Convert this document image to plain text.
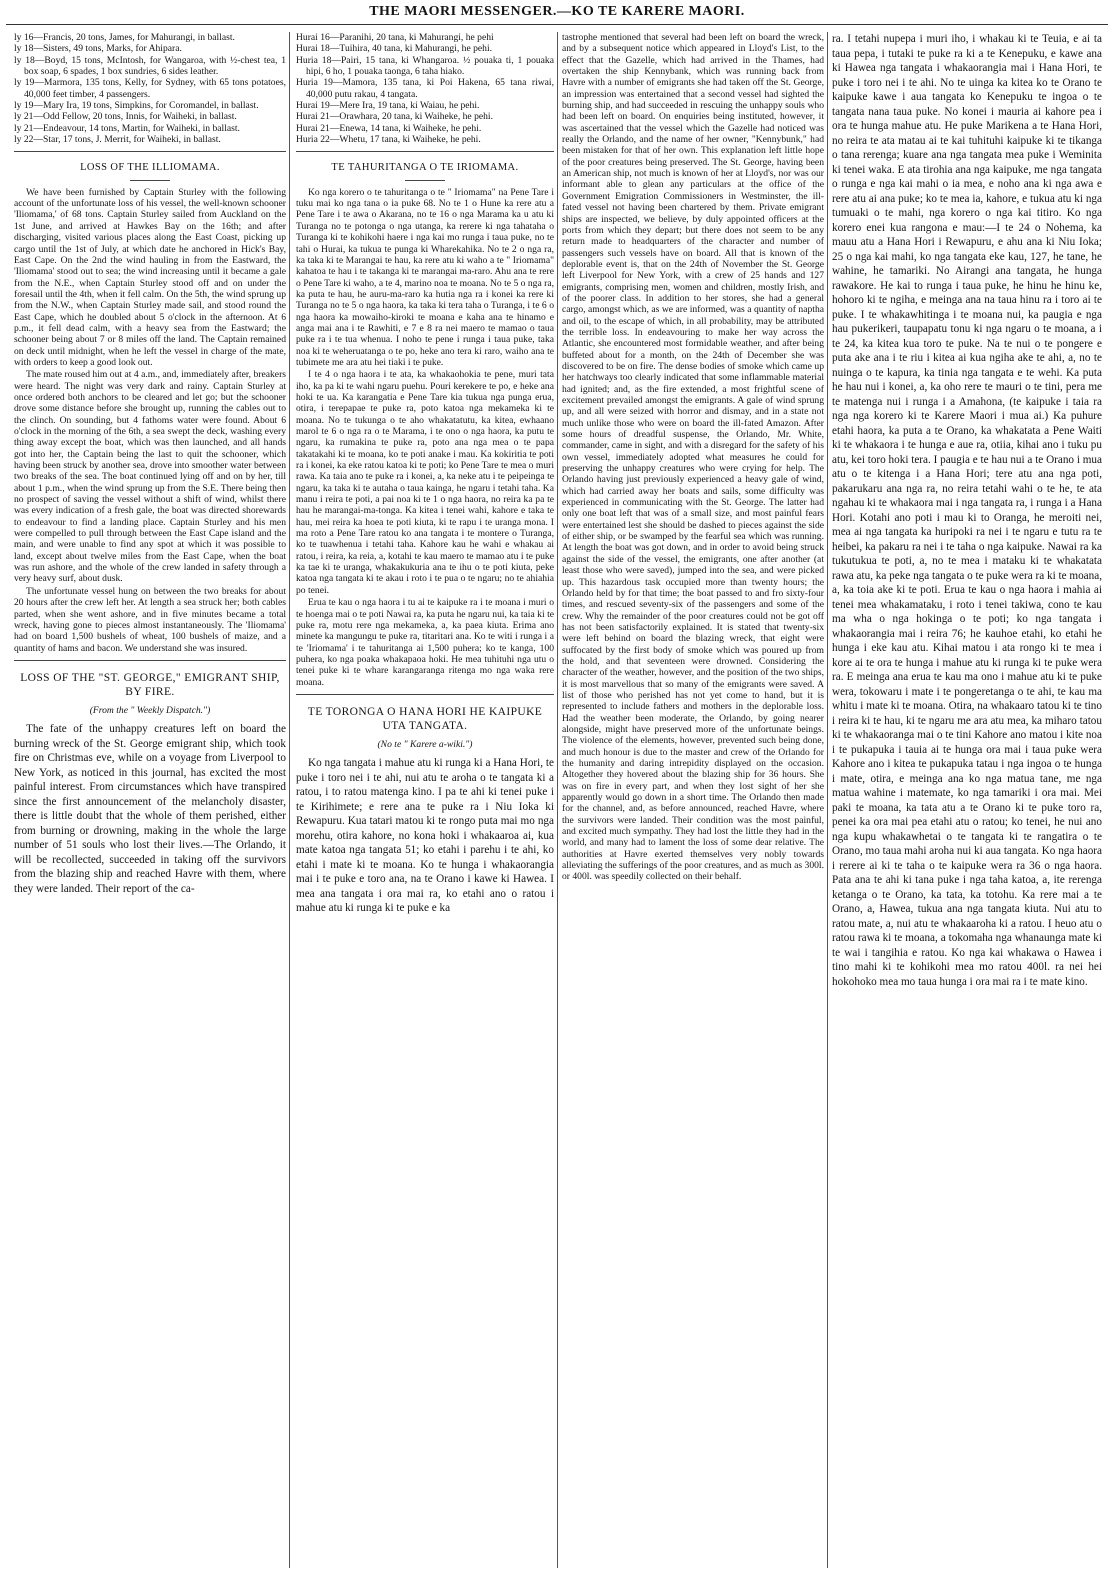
THE MAORI MESSENGER.—KO TE KARERE MAORI.

ly 16—Francis, 20 tons, James, for Mahurangi, in ballast.

ly 18—Sisters, 49 tons, Marks, for Ahipara.

ly 18—Boyd, 15 tons, McIntosh, for Wangaroa, with ½-chest tea, 1 box soap, 6 spades, 1 box sundries, 6 sides leather.

ly 19—Marmora, 135 tons, Kelly, for Sydney, with 65 tons potatoes, 40,000 feet timber, 4 passengers.

ly 19—Mary Ira, 19 tons, Simpkins, for Coromandel, in ballast.

ly 21—Odd Fellow, 20 tons, Innis, for Waiheki, in ballast.

ly 21—Endeavour, 14 tons, Martin, for Waiheki, in ballast.

ly 22—Star, 17 tons, J. Merrit, for Waiheki, in ballast.

LOSS OF THE ILLIOMAMA.

We have been furnished by Captain Sturley with the following account of the unfortunate loss of his vessel, the well-known schooner 'Iliomama,' of 68 tons. Captain Sturley sailed from Auckland on the 1st June, and arrived at Hawkes Bay on the 16th; and after discharging, visited various places along the East Coast, picking up cargo until the 1st of July, at which date he anchored in Hick's Bay, East Cape. On the 2nd the wind hauling in from the Eastward, the 'Iliomama' stood out to sea; the wind increasing until it became a gale from the N.E., when Captain Sturley stood off and on under the foresail until the 4th, when it fell calm. On the 5th, the wind sprung up from the N.W., when Captain Sturley made sail, and stood round the East Cape, which he doubled about 5 o'clock in the afternoon. At 6 p.m., it fell dead calm, with a heavy sea from the Eastward; the schooner being about 7 or 8 miles off the land. The Captain remained on deck until midnight, when he left the vessel in charge of the mate, with orders to keep a good look out.

The mate roused him out at 4 a.m., and, immediately after, breakers were heard. The night was very dark and rainy. Captain Sturley at once ordered both anchors to be cleared and let go; but the schooner drove some distance before she brought up, running the cables out to the clinch. On sounding, but 4 fathoms water were found. About 6 o'clock in the morning of the 6th, a sea swept the deck, washing every thing away except the boat, which was then launched, and all hands got into her, the Captain being the last to quit the schooner, which having been struck by another sea, drove into smoother water between two breaks of the sea. The boat continued lying off and on by her, till about 1 p.m., when the wind sprung up from the S.E. There being then no prospect of saving the vessel without a shift of wind, whilst there was every indication of a fresh gale, the boat was directed shorewards to endeavour to find a landing place. Captain Sturley and his men were compelled to pull through between the East Cape island and the main, and were unable to find any spot at which it was possible to land, except about twelve miles from the East Cape, when the boat was run ashore, and the whole of the crew landed in safety through a very heavy surf, about dusk.

The unfortunate vessel hung on between the two breaks for about 20 hours after the crew left her. At length a sea struck her; both cables parted, when she went ashore, and in five minutes became a total wreck, having gone to pieces almost instantaneously. The 'Iliomama' had on board 1,500 bushels of wheat, 100 bushels of maize, and a quantity of hams and bacon. We understand she was insured.

LOSS OF THE "ST. GEORGE," EMIGRANT SHIP, BY FIRE.

(From the " Weekly Dispatch.")

The fate of the unhappy creatures left on board the burning wreck of the St. George emigrant ship, which took fire on Christmas eve, while on a voyage from Liverpool to New York, as noticed in this journal, has excited the most painful interest. From circumstances which have transpired since the first announcement of the melancholy disaster, there is little doubt that the whole of them perished, either from burning or drowning, making in the whole the large number of 51 souls who lost their lives.—The Orlando, it will be recollected, succeeded in taking off the survivors from the blazing ship and reached Havre with them, where they were landed. Their report of the ca-

Hurai 16—Paranihi, 20 tana, ki Mahurangi, he pehi

Hurai 18—Tuihira, 40 tana, ki Mahurangi, he pehi.

Huria 18—Pairi, 15 tana, ki Whangaroa. ½ pouaka ti, 1 pouaka hipi, 6 ho, 1 pouaka taonga, 6 taha hiako.

Huria 19—Mamora, 135 tana, ki Poi Hakena, 65 tana riwai, 40,000 putu rakau, 4 tangata.

Hurai 19—Mere Ira, 19 tana, ki Waiau, he pehi.

Hurai 21—Orawhara, 20 tana, ki Waiheke, he pehi.

Hurai 21—Enewa, 14 tana, ki Waiheke, he pehi.

Huria 22—Whetu, 17 tana, ki Waiheke, he pehi.

TE TAHURITANGA O TE IRIOMAMA.

Ko nga korero o te tahuritanga o te " Iriomama" na Pene Tare i tuku mai ko nga tana o ia puke 68. No te 1 o Hune ka rere atu a Pene Tare i te awa o Akarana, no te 16 o nga Marama ka u atu ki Turanga no te potonga o nga utanga, ka rerere ki nga tahataha o Turanga ki te kohikohi haere i nga kai mo runga i taua puke, no te tahi o Hurai, ka tukua te punga ki Wharekahika. No te 2 o nga ra, ka taka ki te Marangai te hau, ka rere atu ki waho a te " Iriomama" kahatoa te hau i te takanga ki te marangai ma-raro. Ahu ana te rere o Pene Tare ki waho, a te 4, marino noa te moana. No te 5 o nga ra, ka puta te hau, he auru-ma-raro ka hutia nga ra i konei ka rere ki Turanga no te 5 o nga haora, ka taka ki tera taha o Turanga, i te 6 o nga haora ka mowaiho-kiroki te moana e kaha ana te hinamo e anga mai ana i te Rawhiti, e 7 e 8 ra nei maero te mamao o taua puke ra i te tua whenua. I noho te pene i runga i taua puke, taka noa ki te weheruatanga o te po, heke ano tera ki raro, waiho ana te tubimete me ara atu hei tiaki i te puke.

I te 4 o nga haora i te ata, ka whakaohokia te pene, muri tata iho, ka pa ki te wahi ngaru puehu. Pouri kerekere te po, e heke ana hoki te ua. Ka karangatia e Pene Tare kia tukua nga punga erua, otira, i terepapae te puke ra, poto katoa nga mekameka ki te moana. No te tukunga o te aho whakatatutu, ka kitea, ewhaano marol te 6 o nga ra o te Marama, i te ono o nga haora, ka putu te ngaru, ka rumakina te puke ra, poto ana nga mea o te papa takatakahi ki te moana, ko te poti anake i mau. Ka kokiritia te poti ra i konei, ka eke ratou katoa ki te poti; ko Pene Tare te mea o muri rawa. Ka taia ano te puke ra i konei, a, ka neke atu i te peipeinga te ngaru, ka taka ki te autaha o taua kainga, he ngaru i tetahi taha. Ka manu i reira te poti, a pai noa ki te 1 o nga haora, no reira ka pa te hau he marangai-ma-tonga. Ka kitea i tenei wahi, kahore e taka te hau, mei reira ka hoea te poti kiuta, ki te rapu i te uranga mona. I ma roto a Pene Tare ratou ko ana tangata i te montere o Turanga, ko te tuawhenua i tetahi taha. Kahore kau he wahi e whakau ai ratou, i reira, ka reia, a, kotahi te kau maero te mamao atu i te puke ka tae ki te uranga, whakakukuria ana te ihu o te poti kiuta, peke katoa nga tangata ki te akau i roto i te pua o te ngaru; no te ahiahia po tenei.

Erua te kau o nga haora i tu ai te kaipuke ra i te moana i muri o te hoenga mai o te poti Nawai ra, ka puta he ngaru nui, ka taia ki te puke ra, motu rere nga mekameka, a, ka paea kiuta. Erima ano minete ka mangungu te puke ra, titaritari ana. Ko te witi i runga i a te 'Iriomama' i te tahuritanga ai 1,500 puhera; ko te kanga, 100 puhera, ko nga poaka whakapaoa hoki. He mea tuhituhi nga utu o tenei puke ki te whare karangaranga ritenga mo nga waka rere moana.

TE TORONGA O HANA HORI HE KAIPUKE UTA TANGATA.

(No te " Karere a-wiki.")

Ko nga tangata i mahue atu ki runga ki a Hana Hori, te puke i toro nei i te ahi, nui atu te aroha o te tangata ki a ratou, i to ratou matenga kino. I pa te ahi ki tenei puke i te Kirihimete; e rere ana te puke ra i Niu Ioka ki Rewapuru. Kua tatari matou ki te rongo puta mai mo nga morehu, otira kahore, no kona hoki i whakaaroa ai, kua mate katoa nga tangata 51; ko etahi i parehu i te ahi, ko etahi i mate ki te moana. Ko te hunga i whakaorangia mai i te puke e toro ana, na te Orano i kawe ki Hawea. I mea ana tangata i ora mai ra, ko etahi ano o ratou i mahue atu ki runga ki te puke e ka

tastrophe mentioned that several had been left on board the wreck, and by a subsequent notice which appeared in Lloyd's List, to the effect that the Gazelle, which had arrived in the Thames, had overtaken the ship Kennybank, which was running back from Havre with a number of emigrants she had taken off the St. George, an impression was entertained that a second vessel had sighted the burning ship, and had succeeded in rescuing the unhappy souls who had been left on board. On enquiries being instituted, however, it was ascertained that the vessel which the Gazelle had noticed was really the Orlando, and the name of her owner, "Kennybunk," had been mistaken for that of her own. This explanation left little hope of the poor creatures being preserved. The St. George, having been an American ship, not much is known of her at Lloyd's, nor was our informant able to glean any particulars at the office of the Government Emigration Commissioners in Westminster, the ill-fated vessel not having been chartered by them. Private emigrant ships are inspected, we believe, by duly appointed officers at the ports from which they depart; but there does not seem to be any return made to headquarters of the character and number of passengers such vessels have on board. All that is known of the deplorable event is, that on the 24th of November the St. George left Liverpool for New York, with a crew of 25 hands and 127 emigrants, comprising men, women and children, mostly Irish, and of the poorer class. In addition to her stores, she had a general cargo, amongst which, as we are informed, was a quantity of naptha and oil, to the escape of which, in all probability, may be attributed the terrible loss. In endeavouring to make her way across the Atlantic, she encountered most formidable weather, and after being buffeted about for a month, on the 24th of December she was discovered to be on fire. The dense bodies of smoke which came up her hatchways too clearly indicated that some inflammable material had ignited; and, as the fire extended, a most frightful scene of excitement prevailed amongst the emigrants. A gale of wind sprung up, and all were seized with horror and dismay, and in a state not much unlike those who were on board the ill-fated Amazon. After some hours of dreadful suspense, the Orlando, Mr. White, commander, came in sight, and with a disregard for the safety of his own vessel, immediately adopted what measures he could for preserving the unhappy creatures who were crying for help. The Orlando having just previously experienced a heavy gale of wind, which had carried away her boats and sails, some difficulty was experienced in communicating with the St. George. The latter had only one boat left that was of a small size, and most painful fears were entertained lest she should be dashed to pieces against the side of either ship, or be swamped by the fearful sea which was running. At length the boat was got down, and in order to avoid being struck against the side of the vessel, the emigrants, one after another (at least those who were saved), jumped into the sea, and were picked up. This hazardous task occupied more than twenty hours; the Orlando held by for that time; the boat passed to and fro sixty-four times, and rescued seventy-six of the passengers and some of the crew. Why the remainder of the poor creatures could not be got off has not been satisfactorily explained. It is stated that twenty-six were left behind on board the blazing wreck, that eight were suffocated by the first body of smoke which was poured up from the hold, and that seventeen were drowned. Considering the character of the weather, however, and the position of the two ships, it is most marvellous that so many of the emigrants were saved. A list of those who perished has not yet come to hand, but it is represented to include fathers and mothers in the deplorable loss. Had the weather been moderate, the Orlando, by going nearer alongside, might have preserved more of the unfortunate beings. The violence of the elements, however, prevented such being done, and much honour is due to the master and crew of the Orlando for the humanity and daring intrepidity displayed on the occasion. Altogether they hovered about the blazing ship for 36 hours. She was on fire in every part, and when they lost sight of her she apparently would go down in a short time. The Orlando then made for the channel, and, as before announced, reached Havre, where the survivors were landed. Their condition was the most painful, and excited much sympathy. They had lost the little they had in the world, and many had to lament the loss of some dear relative. The authorities at Havre exerted themselves very nobly towards alleviating the sufferings of the poor creatures, and as much as 300l. or 400l. was speedily collected on their behalf.

ra. I tetahi nupepa i muri iho, i whakau ki te Teuia, e ai ta taua pepa, i tutaki te puke ra ki a te Kenepuku, e kawe ana ki Hawea nga tangata i whakaorangia mai i Hana Hori, te puke i toro nei i te ahi. No te uinga ka kitea ko te Orano te kaipuke kawe i aua tangata ko Kenepuku te ingoa o te tangata nana taua puke. No konei i mauria ai kahore pea i ora te hunga mahue atu. He puke Marikena a te Hana Hori, no reira te ata matau ai te kai tuhituhi kaipuke ki te tikanga o tana rerenga; kuare ana nga tangata mea puke i Weminita ki tenei waka. E ata tirohia ana nga kaipuke, me nga tangata o runga e nga kai mahi o ia mea, e noho ana ki nga awa e rere atu ai ana puke; ko te mea ia, kahore, e tukua atu ki nga tumuaki o te mahi, nga korero o nga kai titiro. Ko nga korero enei kua rangona e mau:—I te 24 o Nohema, ka mauu atu a Hana Hori i Rewapuru, e ahu ana ki Niu Ioka; 25 o nga kai mahi, ko nga tangata eke kau, 127, he tane, he wahine, he tamariki. No Airangi ana tangata, he hunga rawakore. He kai to runga i taua puke, he hinu he hinu ke, hohoro ki te ngiha, e meinga ana na taua hinu ra i toro ai te puke. I te whakawhitinga i te moana nui, ka paugia e nga hau pukerikeri, taupapatu tonu ki nga ngaru o te moana, a i te 24, ka kitea kua toro te puke. Na te nui o te pongere e puta ake ana i te riu i kitea ai kua ngiha ake te ahi, a, no te nuinga o te kapura, ka tinia nga tangata e te wehi. Ka puta he hau nui i konei, a, ka oho rere te mauri o te tini, pera me te matenga nui i runga i a Amahona, (te kaipuke i taia ra nga nga korero ki te Karere Maori i mua ai.) Ka puhure etahi haora, ka puta a te Orano, ka whakatata a Pene Waiti ki te whakaora i te hunga e aue ra, otiia, kihai ano i tuku pu atu, kei toro hoki tera. I paugia e te hau nui a te Orano i mua atu o te kitenga i a Hana Hori; tere atu ana nga poti, pakarukaru ana nga ra, no reira tetahi wahi o te he, te ata ngahau ki te whakaora mai i nga tangata ra, i runga i a Hana Hori. Kotahi ano poti i mau ki to Oranga, he meroiti nei, mea ai nga tangata ka huripoki ra nei i te ngaru e tutu ra te heibei, ka pakaru ra nei i te taha o nga kaipuke. Nawai ra ka tukutukua te poti, a, no te mea i mataku ki te whakatata rawa atu, ka peke nga tangata o te puke wera ra ki te moana, a, ka toia ake ki te poti. Erua te kau o nga haora i mahia ai tenei mea whakamataku, i roto i tenei takiwa, cono te kau ma wha o nga hokinga o te poti; ko nga tangata i whakaorangia mai i reira 76; he kauhoe etahi, ko etahi he hunga i eke kau atu. Kihai matou i ata rongo ki te mea i kore ai te ora te hunga i mahue atu ki runga ki te puke wera ra. E meinga ana erua te kau ma ono i mahue atu ki te puke wera, tokowaru i mate i te pongeretanga o te ahi, te kau ma whitu i mate ki te moana. Otira, na whakaaro tatou ki te tino i reira ki te hau, ki te ngaru me ara atu mea, ka miharo tatou ki te whakaoranga mai o te tini Kahore ano matou i kite noa i te pukapuka i tauia ai te hunga ora mai i taua puke wera Kahore ano i kitea te pukapuka tatau i nga ingoa o te hunga i mate, otira, e meinga ana ko nga matua tane, me nga matua wahine i matemate, ko nga tamariki i ora mai. Mei paki te moana, ka tata atu a te Orano ki te puke toro ra, penei ka ora mai pea etahi atu o ratou; ko tenei, he nui ano nga kupu whakawhetai o te tangata ki te rangatira o te Orano, mo taua mahi aroha nui ki aua tangata. Ko nga haora i rerere ai ki te taha o te kaipuke wera ra 36 o nga haora. Pata ana te ahi ki tana puke i nga taha katoa, a, ite rerenga ketanga o te Orano, ka tata, ka totohu. Ka rere mai a te Orano, a, Hawea, tukua ana nga tangata kiuta. Nui atu to ratou mate, a, nui atu te whakaaroha ki a ratou. I heuo atu o ratou rawa ki te moana, a tokomaha nga whanaunga mate ki te wai i tangihia e ratou. Ko nga kai whakawa o Hawea i tino mahi ki te kohikohi mea mo ratou 400l. ra nei hei hokohoko mea mo taua hunga i ora mai ra i te mate kino.
